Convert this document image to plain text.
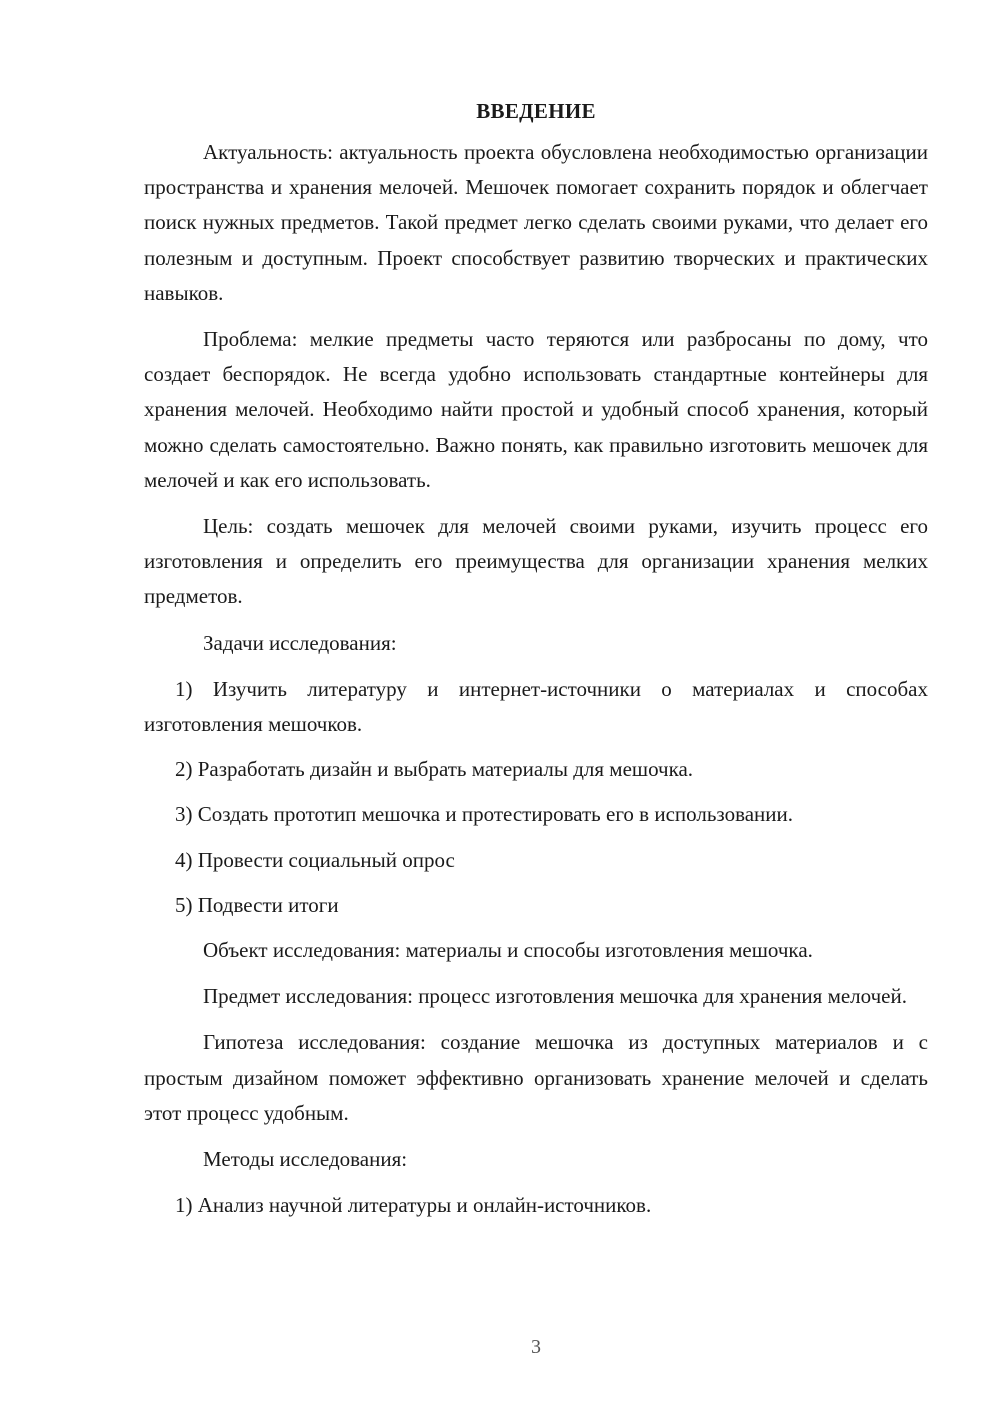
ВВЕДЕНИЕ

Актуальность: актуальность проекта обусловлена необходимостью организации пространства и хранения мелочей. Мешочек помогает сохранить порядок и облегчает поиск нужных предметов. Такой предмет легко сделать своими руками, что делает его полезным и доступным. Проект способствует развитию творческих и практических навыков.

Проблема: мелкие предметы часто теряются или разбросаны по дому, что создает беспорядок. Не всегда удобно использовать стандартные контейнеры для хранения мелочей. Необходимо найти простой и удобный способ хранения, который можно сделать самостоятельно. Важно понять, как правильно изготовить мешочек для мелочей и как его использовать.

Цель: создать мешочек для мелочей своими руками, изучить процесс его изготовления и определить его преимущества для организации хранения мелких предметов.

Задачи исследования:

1) Изучить литературу и интернет-источники о материалах и способах изготовления мешочков.

2) Разработать дизайн и выбрать материалы для мешочка.

3) Создать прототип мешочка и протестировать его в использовании.

4) Провести социальный опрос

5) Подвести итоги

Объект исследования: материалы и способы изготовления мешочка.

Предмет исследования: процесс изготовления мешочка для хранения мелочей.

Гипотеза исследования: создание мешочка из доступных материалов и с простым дизайном поможет эффективно организовать хранение мелочей и сделать этот процесс удобным.

Методы исследования:

1) Анализ научной литературы и онлайн-источников.

3
